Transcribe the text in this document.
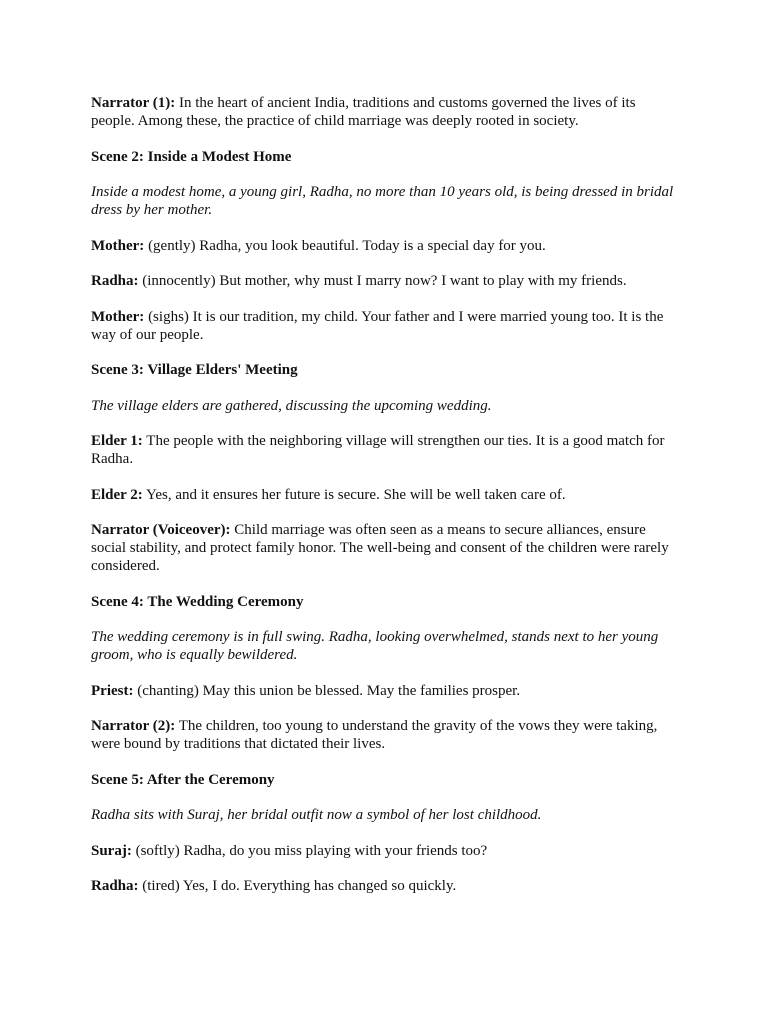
Narrator (1): In the heart of ancient India, traditions and customs governed the lives of its people. Among these, the practice of child marriage was deeply rooted in society.

Scene 2: Inside a Modest Home

Inside a modest home, a young girl, Radha, no more than 10 years old, is being dressed in bridal dress by her mother.

Mother: (gently) Radha, you look beautiful. Today is a special day for you.

Radha: (innocently) But mother, why must I marry now? I want to play with my friends.

Mother: (sighs) It is our tradition, my child. Your father and I were married young too. It is the way of our people.

Scene 3: Village Elders' Meeting

The village elders are gathered, discussing the upcoming wedding.

Elder 1: The people with the neighboring village will strengthen our ties. It is a good match for Radha.

Elder 2: Yes, and it ensures her future is secure. She will be well taken care of.

Narrator (Voiceover): Child marriage was often seen as a means to secure alliances, ensure social stability, and protect family honor. The well-being and consent of the children were rarely considered.

Scene 4: The Wedding Ceremony

The wedding ceremony is in full swing. Radha, looking overwhelmed, stands next to her young groom, who is equally bewildered.

Priest: (chanting) May this union be blessed. May the families prosper.

Narrator (2): The children, too young to understand the gravity of the vows they were taking, were bound by traditions that dictated their lives.

Scene 5: After the Ceremony

Radha sits with Suraj, her bridal outfit now a symbol of her lost childhood.

Suraj: (softly) Radha, do you miss playing with your friends too?

Radha: (tired) Yes, I do. Everything has changed so quickly.
